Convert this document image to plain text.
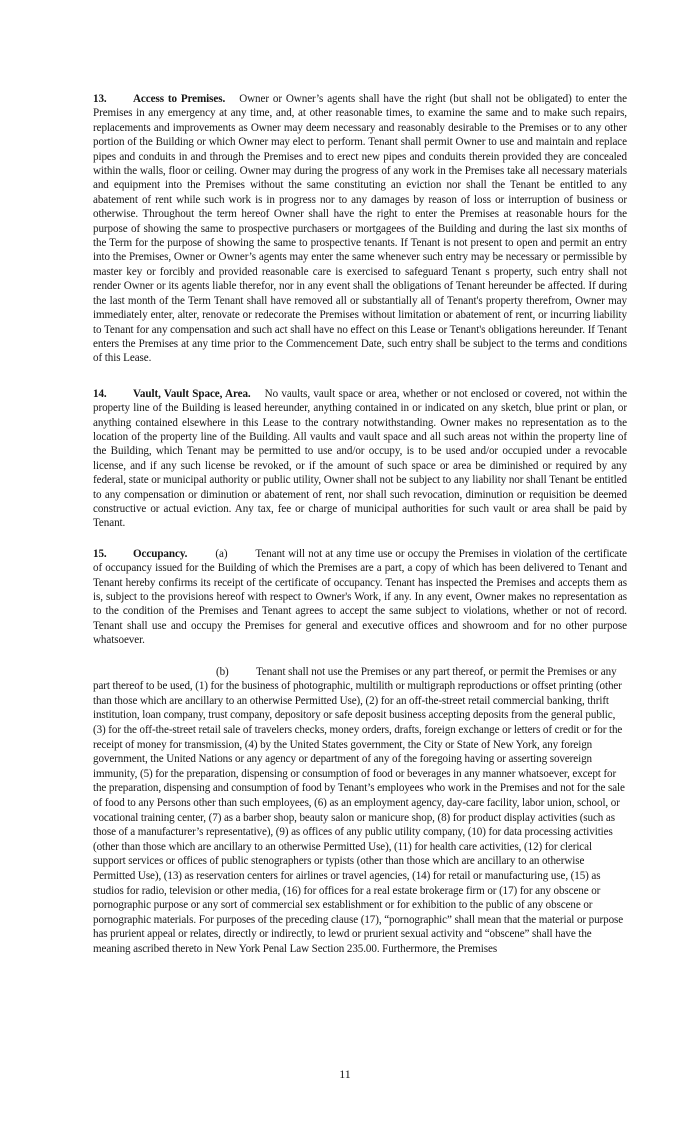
13. Access to Premises. Owner or Owner’s agents shall have the right (but shall not be obligated) to enter the Premises in any emergency at any time, and, at other reasonable times, to examine the same and to make such repairs, replacements and improvements as Owner may deem necessary and reasonably desirable to the Premises or to any other portion of the Building or which Owner may elect to perform. Tenant shall permit Owner to use and maintain and replace pipes and conduits in and through the Premises and to erect new pipes and conduits therein provided they are concealed within the walls, floor or ceiling. Owner may during the progress of any work in the Premises take all necessary materials and equipment into the Premises without the same constituting an eviction nor shall the Tenant be entitled to any abatement of rent while such work is in progress nor to any damages by reason of loss or interruption of business or otherwise. Throughout the term hereof Owner shall have the right to enter the Premises at reasonable hours for the purpose of showing the same to prospective purchasers or mortgagees of the Building and during the last six months of the Term for the purpose of showing the same to prospective tenants. If Tenant is not present to open and permit an entry into the Premises, Owner or Owner’s agents may enter the same whenever such entry may be necessary or permissible by master key or forcibly and provided reasonable care is exercised to safeguard Tenant s property, such entry shall not render Owner or its agents liable therefor, nor in any event shall the obligations of Tenant hereunder be affected. If during the last month of the Term Tenant shall have removed all or substantially all of Tenant's property therefrom, Owner may immediately enter, alter, renovate or redecorate the Premises without limitation or abatement of rent, or incurring liability to Tenant for any compensation and such act shall have no effect on this Lease or Tenant's obligations hereunder. If Tenant enters the Premises at any time prior to the Commencement Date, such entry shall be subject to the terms and conditions of this Lease.

14. Vault, Vault Space, Area. No vaults, vault space or area, whether or not enclosed or covered, not within the property line of the Building is leased hereunder, anything contained in or indicated on any sketch, blue print or plan, or anything contained elsewhere in this Lease to the contrary notwithstanding. Owner makes no representation as to the location of the property line of the Building. All vaults and vault space and all such areas not within the property line of the Building, which Tenant may be permitted to use and/or occupy, is to be used and/or occupied under a revocable license, and if any such license be revoked, or if the amount of such space or area be diminished or required by any federal, state or municipal authority or public utility, Owner shall not be subject to any liability nor shall Tenant be entitled to any compensation or diminution or abatement of rent, nor shall such revocation, diminution or requisition be deemed constructive or actual eviction. Any tax, fee or charge of municipal authorities for such vault or area shall be paid by Tenant.

15. Occupancy.	(a)	Tenant will not at any time use or occupy the Premises in violation of the certificate of occupancy issued for the Building of which the Premises are a part, a copy of which has been delivered to Tenant and Tenant hereby confirms its receipt of the certificate of occupancy. Tenant has inspected the Premises and accepts them as is, subject to the provisions hereof with respect to Owner's Work, if any. In any event, Owner makes no representation as to the condition of the Premises and Tenant agrees to accept the same subject to violations, whether or not of record. Tenant shall use and occupy the Premises for general and executive offices and showroom and for no other purpose whatsoever.

(b) Tenant shall not use the Premises or any part thereof, or permit the Premises or any part thereof to be used, (1) for the business of photographic, multilith or multigraph reproductions or offset printing (other than those which are ancillary to an otherwise Permitted Use), (2) for an off-the-street retail commercial banking, thrift institution, loan company, trust company, depository or safe deposit business accepting deposits from the general public, (3) for the off-the-street retail sale of travelers checks, money orders, drafts, foreign exchange or letters of credit or for the receipt of money for transmission, (4) by the United States government, the City or State of New York, any foreign government, the United Nations or any agency or department of any of the foregoing having or asserting sovereign immunity, (5) for the preparation, dispensing or consumption of food or beverages in any manner whatsoever, except for the preparation, dispensing and consumption of food by Tenant’s employees who work in the Premises and not for the sale of food to any Persons other than such employees, (6) as an employment agency, day-care facility, labor union, school, or vocational training center, (7) as a barber shop, beauty salon or manicure shop, (8) for product display activities (such as those of a manufacturer’s representative), (9) as offices of any public utility company, (10) for data processing activities (other than those which are ancillary to an otherwise Permitted Use), (11) for health care activities, (12) for clerical support services or offices of public stenographers or typists (other than those which are ancillary to an otherwise Permitted Use), (13) as reservation centers for airlines or travel agencies, (14) for retail or manufacturing use, (15) as studios for radio, television or other media, (16) for offices for a real estate brokerage firm or (17) for any obscene or pornographic purpose or any sort of commercial sex establishment or for exhibition to the public of any obscene or pornographic materials. For purposes of the preceding clause (17), “pornographic” shall mean that the material or purpose has prurient appeal or relates, directly or indirectly, to lewd or prurient sexual activity and “obscene” shall have the meaning ascribed thereto in New York Penal Law Section 235.00. Furthermore, the Premises

11
